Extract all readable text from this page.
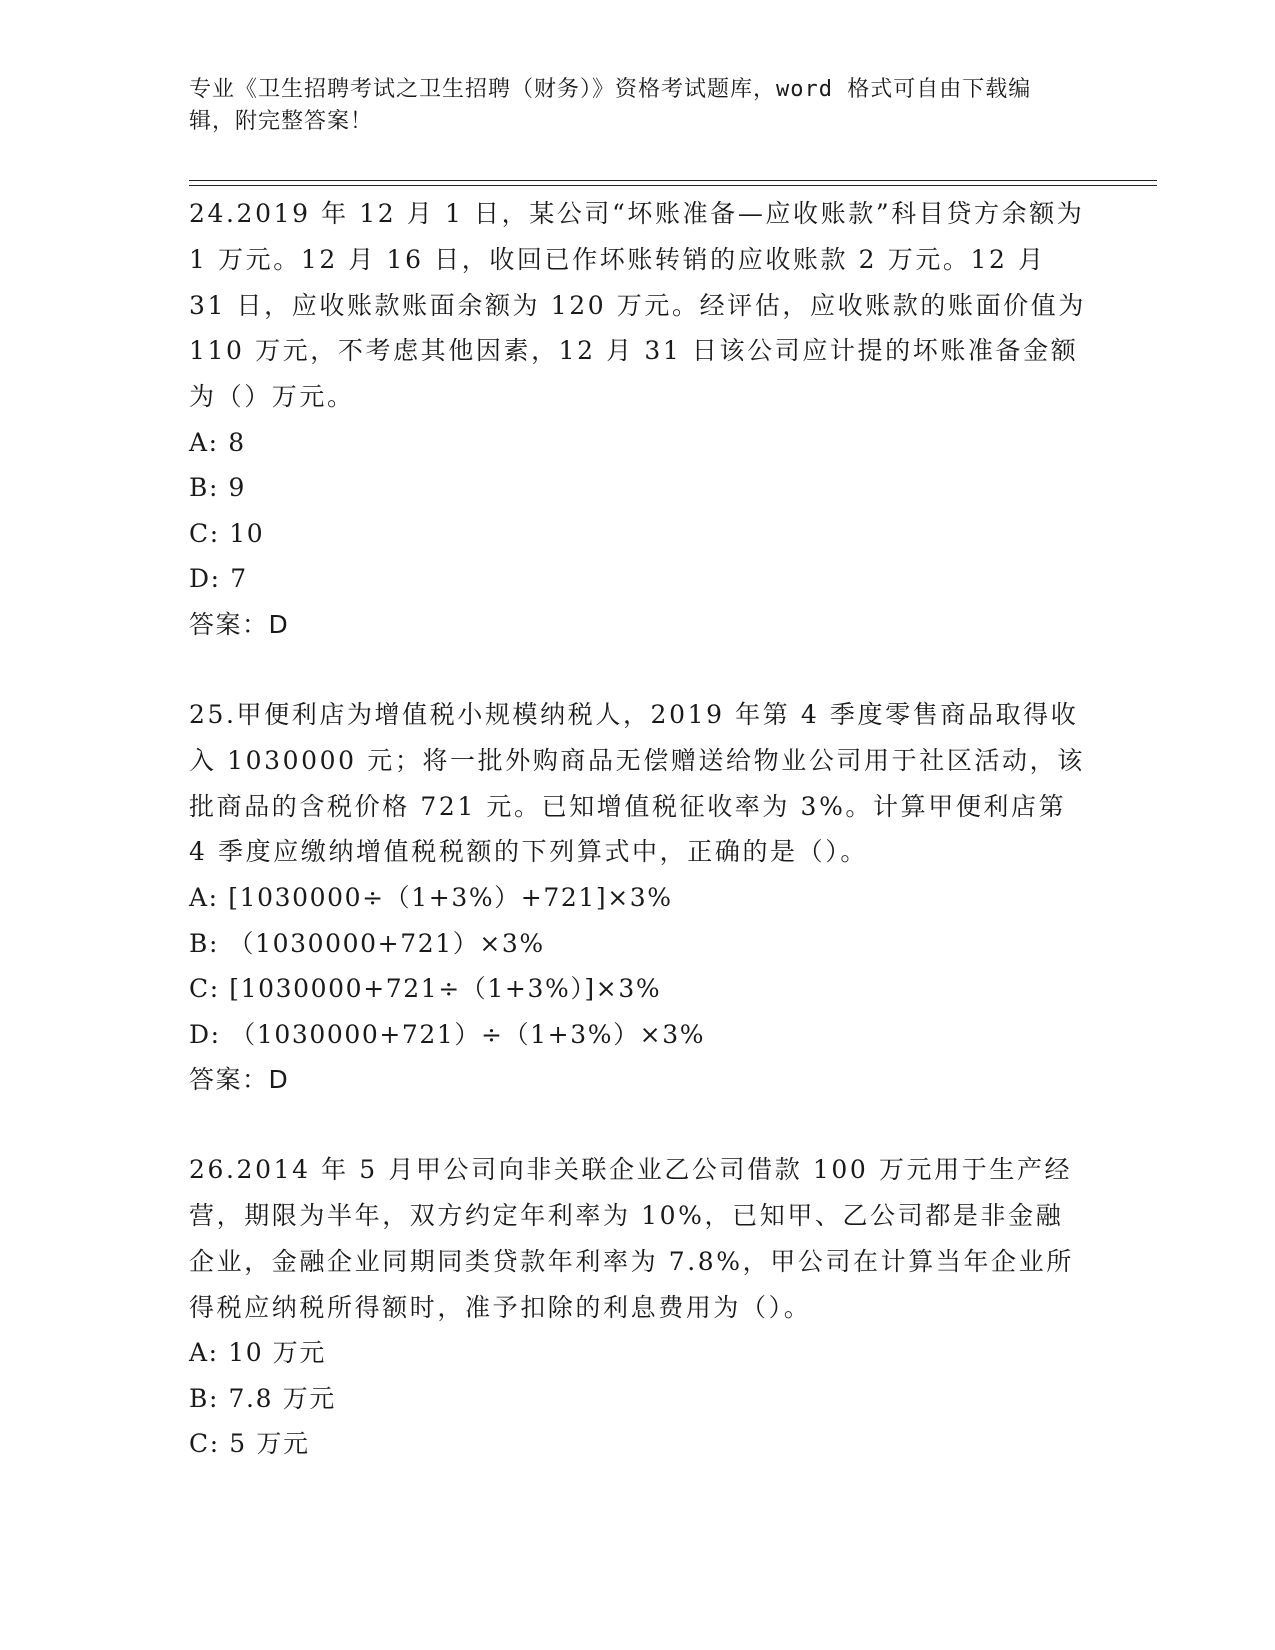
专业《卫生招聘考试之卫生招聘（财务）》资格考试题库，word 格式可自由下载编辑，附完整答案！

24.2019 年 12 月 1 日，某公司“坏账准备—应收账款”科目贷方余额为 1 万元。12 月 16 日，收回已作坏账转销的应收账款 2 万元。12 月 31 日，应收账款账面余额为 120 万元。经评估，应收账款的账面价值为 110 万元，不考虑其他因素，12 月 31 日该公司应计提的坏账准备金额为（）万元。

A: 8

B: 9

C: 10

D: 7

答案：D

25.甲便利店为增值税小规模纳税人，2019 年第 4 季度零售商品取得收入 1030000 元；将一批外购商品无偿赠送给物业公司用于社区活动，该批商品的含税价格 721 元。已知增值税征收率为 3%。计算甲便利店第 4 季度应缴纳增值税税额的下列算式中，正确的是（）。

A: [1030000÷（1+3%）+721]×3%

B: （1030000+721）×3%

C: [1030000+721÷（1+3%）]×3%

D: （1030000+721）÷（1+3%）×3%

答案：D

26.2014 年 5 月甲公司向非关联企业乙公司借款 100 万元用于生产经营，期限为半年，双方约定年利率为 10%，已知甲、乙公司都是非金融企业，金融企业同期同类贷款年利率为 7.8%，甲公司在计算当年企业所得税应纳税所得额时，准予扣除的利息费用为（）。

A: 10 万元

B: 7.8 万元

C: 5 万元
